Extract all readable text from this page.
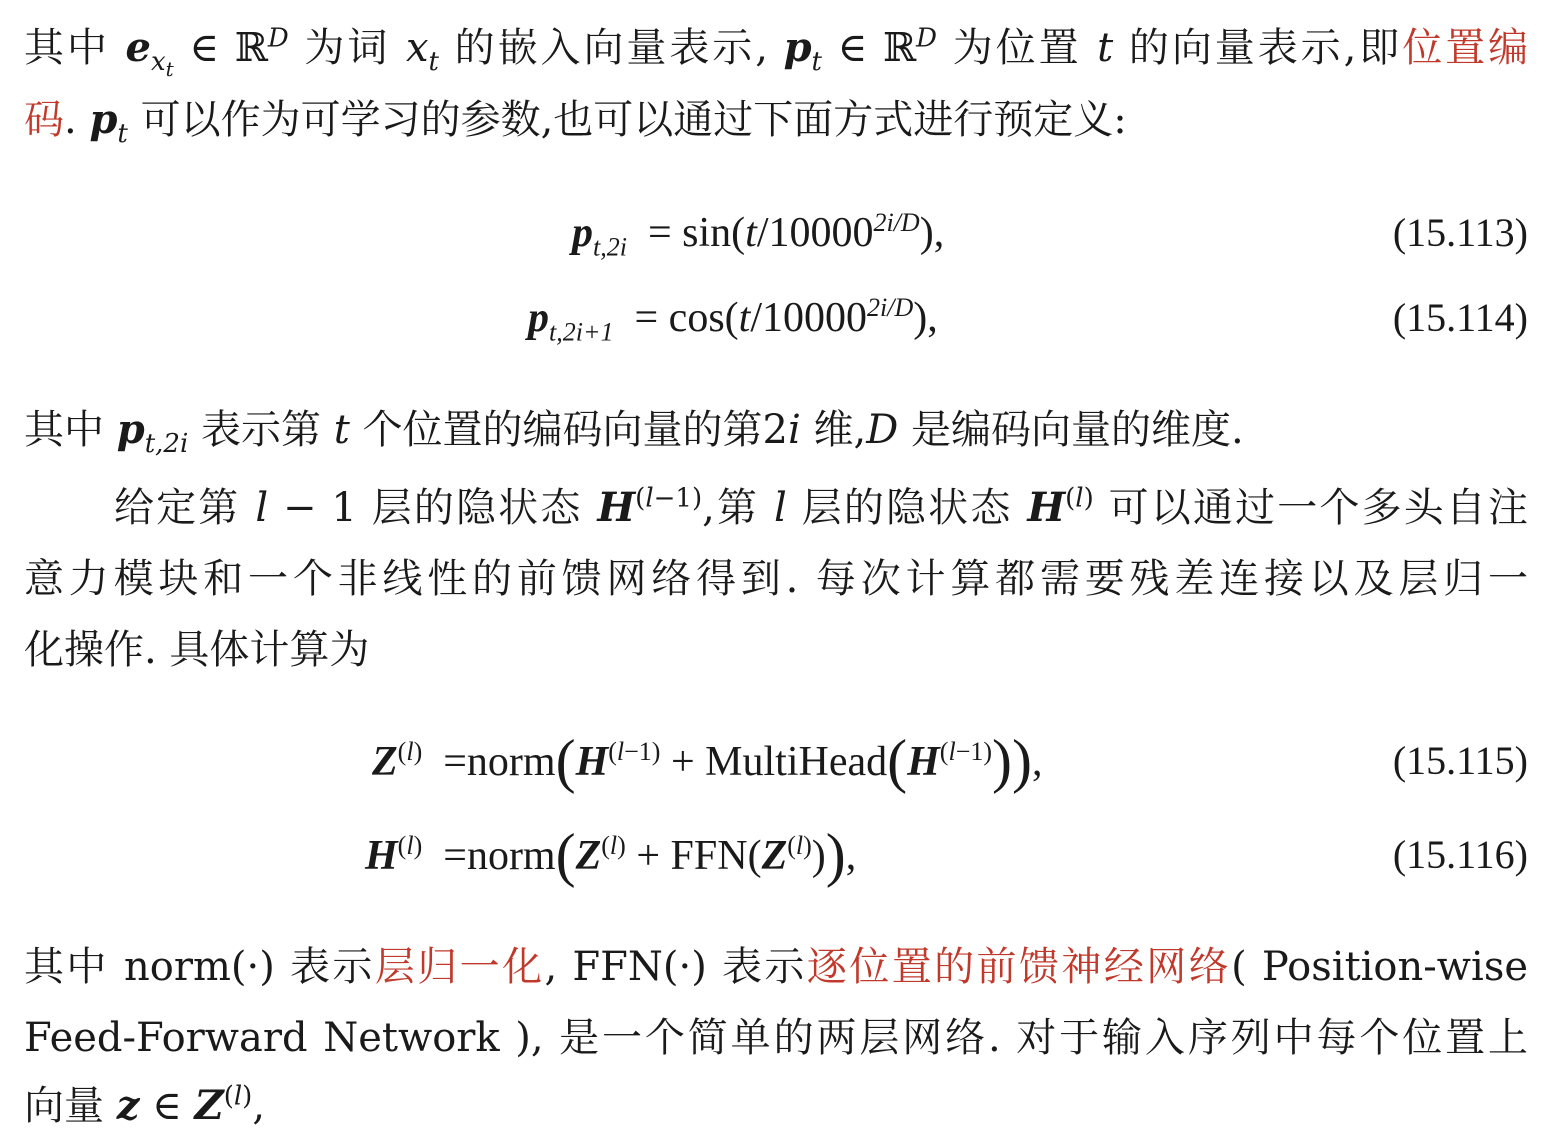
其中 $e_{x_t}$ ∈ ℝ$^D$ 为词 $x_t$ 的嵌入向量表示, $p_t$ ∈ ℝ$^D$ 为位置 t 的向量表示,即位置编
码. $p_t$ 可以作为可学习的参数,也可以通过下面方式进行预定义:
$p_{t,2i} = \sin(t/10000^{2i/D})$,	(15.113)
$p_{t,2i+1} = \cos(t/10000^{2i/D})$,	(15.114)
其中 $p_{t,2i}$ 表示第 t 个位置的编码向量的第2i 维,D 是编码向量的维度.
给定第 l − 1 层的隐状态 $H^{(l-1)}$,第 l 层的隐状态 $H^{(l)}$ 可以通过一个多头自注
意力模块和一个非线性的前馈网络得到. 每次计算都需要残差连接以及层归一
化操作. 具体计算为
$Z^{(l)}$  $=norm(H^{(l-1)}$ + $MultiHead(H^{(l-1)})$),	(15.115)
$H^{(l)}$  $=norm(Z^{(l)} + FFN(Z^{(l)}))$,	(15.116)
其中 norm(·) 表示层归一化, FFN(·) 表示逐位置的前馈神经网络( Position-wise
Feed-Forward Network ), 是一个简单的两层网络. 对于输入序列中每个位置上
向量 z ∈ $Z^{(l)}$,
